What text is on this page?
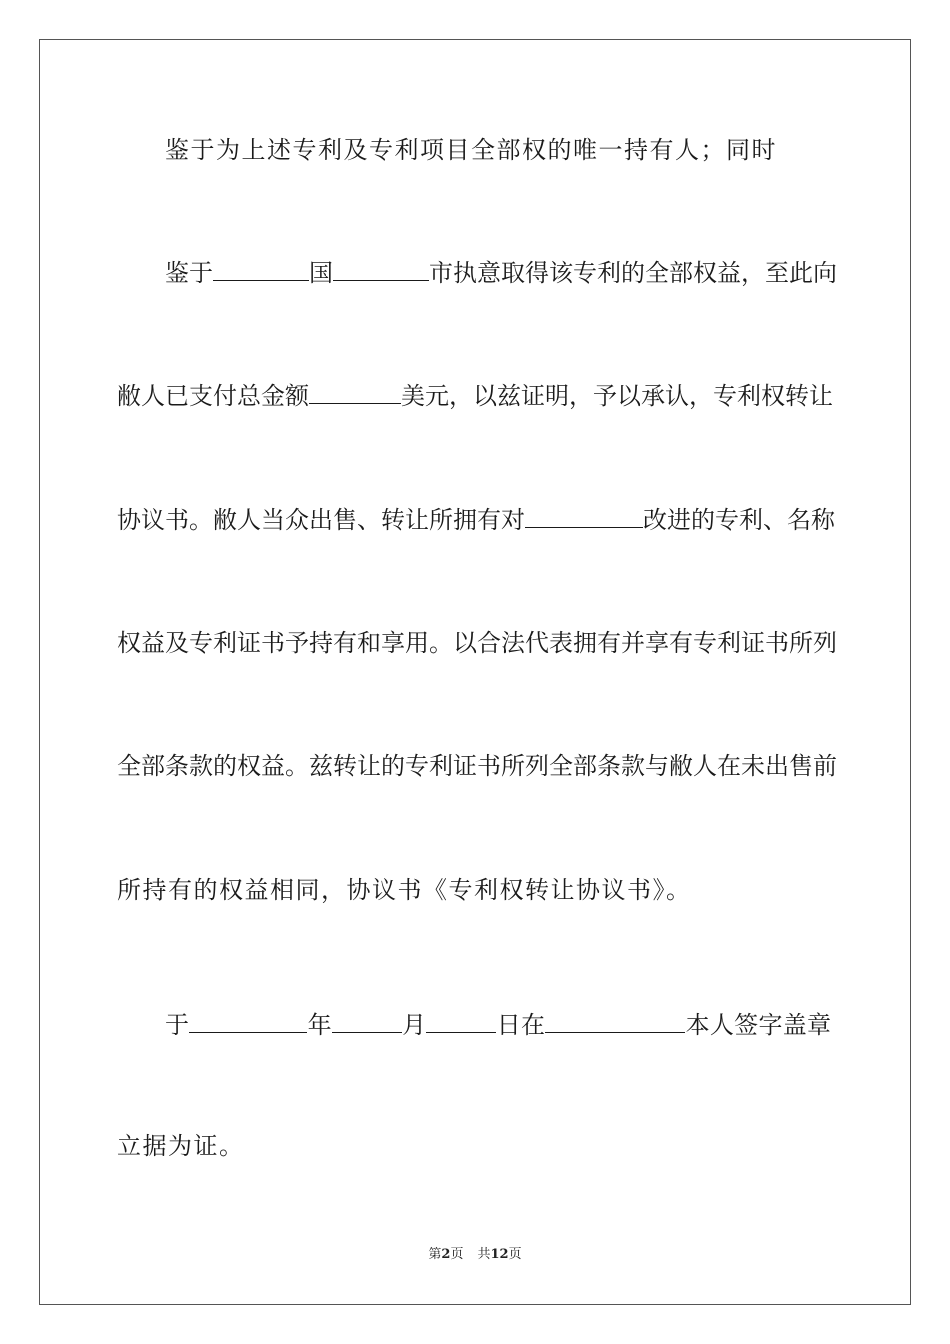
鉴于为上述专利及专利项目全部权的唯一持有人；同时
鉴于	国	市执意取得该专利的全部权益，至此向
敝人已支付总金额	美元，以兹证明，予以承认，专利权转让
协议书。敝人当众出售、转让所拥有对	改进的专利、名称
权益及专利证书予持有和享用。以合法代表拥有并享有专利证书所列
全部条款的权益。兹转让的专利证书所列全部条款与敝人在未出售前
所持有的权益相同，协议书《专利权转让协议书》。
于	年	月	日在	本人签字盖章
立据为证。
第2页 共12页
